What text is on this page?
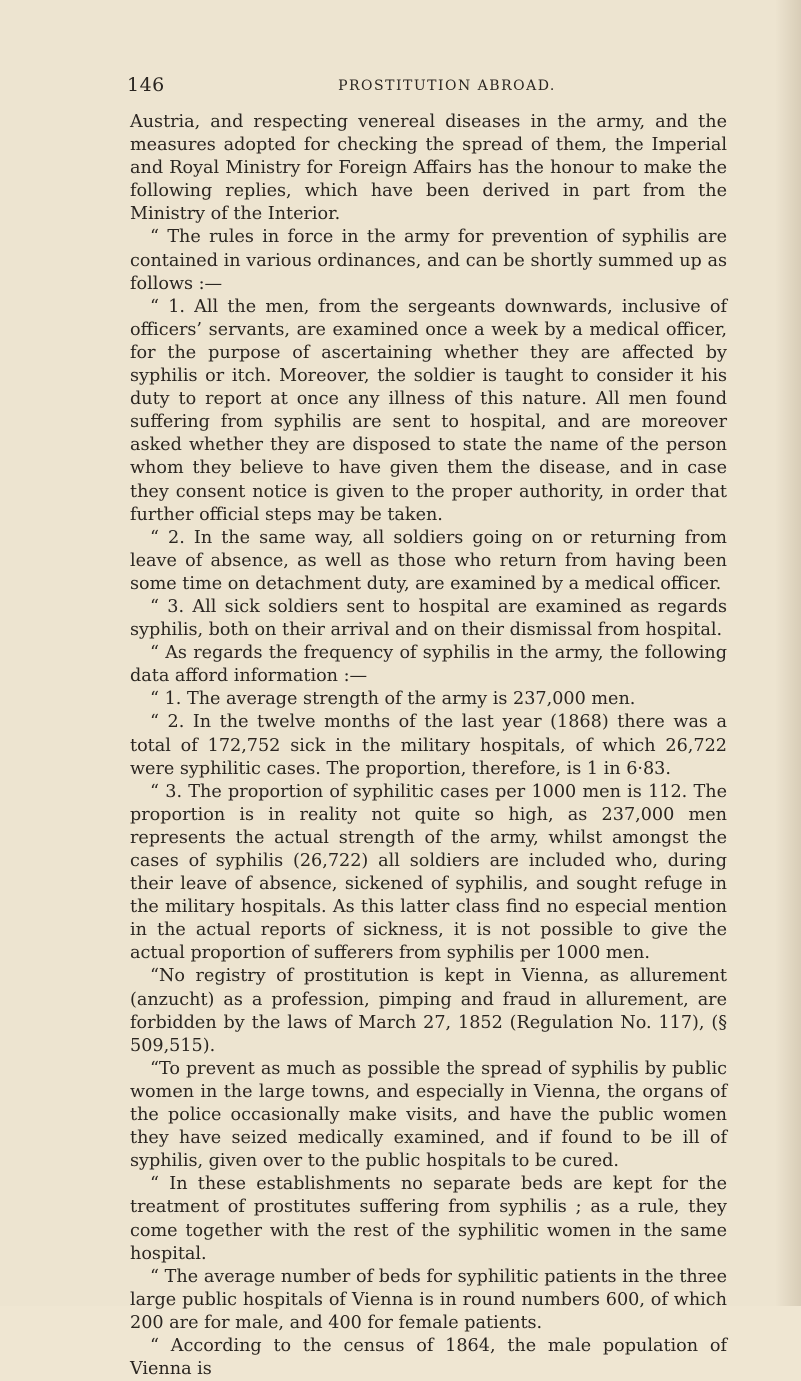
146	PROSTITUTION ABROAD.

Austria, and respecting venereal diseases in the army, and the measures adopted for checking the spread of them, the Imperial and Royal Ministry for Foreign Affairs has the honour to make the following replies, which have been derived in part from the Ministry of the Interior.

“ The rules in force in the army for prevention of syphilis are contained in various ordinances, and can be shortly summed up as follows :—

“ 1. All the men, from the sergeants downwards, inclusive of officers’ servants, are examined once a week by a medical officer, for the purpose of ascertaining whether they are affected by syphilis or itch. Moreover, the soldier is taught to consider it his duty to report at once any illness of this nature. All men found suffering from syphilis are sent to hospital, and are moreover asked whether they are disposed to state the name of the person whom they believe to have given them the disease, and in case they consent notice is given to the proper authority, in order that further official steps may be taken.

“ 2. In the same way, all soldiers going on or returning from leave of absence, as well as those who return from having been some time on detachment duty, are examined by a medical officer.

“ 3. All sick soldiers sent to hospital are examined as regards syphilis, both on their arrival and on their dismissal from hospital.

“ As regards the frequency of syphilis in the army, the following data afford information :—

“ 1. The average strength of the army is 237,000 men.

“ 2. In the twelve months of the last year (1868) there was a total of 172,752 sick in the military hospitals, of which 26,722 were syphilitic cases. The proportion, therefore, is 1 in 6·83.

“ 3. The proportion of syphilitic cases per 1000 men is 112. The proportion is in reality not quite so high, as 237,000 men represents the actual strength of the army, whilst amongst the cases of syphilis (26,722) all soldiers are included who, during their leave of absence, sickened of syphilis, and sought refuge in the military hospitals. As this latter class find no especial mention in the actual reports of sickness, it is not possible to give the actual proportion of sufferers from syphilis per 1000 men.

“No registry of prostitution is kept in Vienna, as allurement (anzucht) as a profession, pimping and fraud in allurement, are forbidden by the laws of March 27, 1852 (Regulation No. 117), (§ 509,515).

“To prevent as much as possible the spread of syphilis by public women in the large towns, and especially in Vienna, the organs of the police occasionally make visits, and have the public women they have seized medically examined, and if found to be ill of syphilis, given over to the public hospitals to be cured.

“ In these establishments no separate beds are kept for the treatment of prostitutes suffering from syphilis ; as a rule, they come together with the rest of the syphilitic women in the same hospital.

“ The average number of beds for syphilitic patients in the three large public hospitals of Vienna is in round numbers 600, of which 200 are for male, and 400 for female patients.

“ According to the census of 1864, the male population of Vienna is
